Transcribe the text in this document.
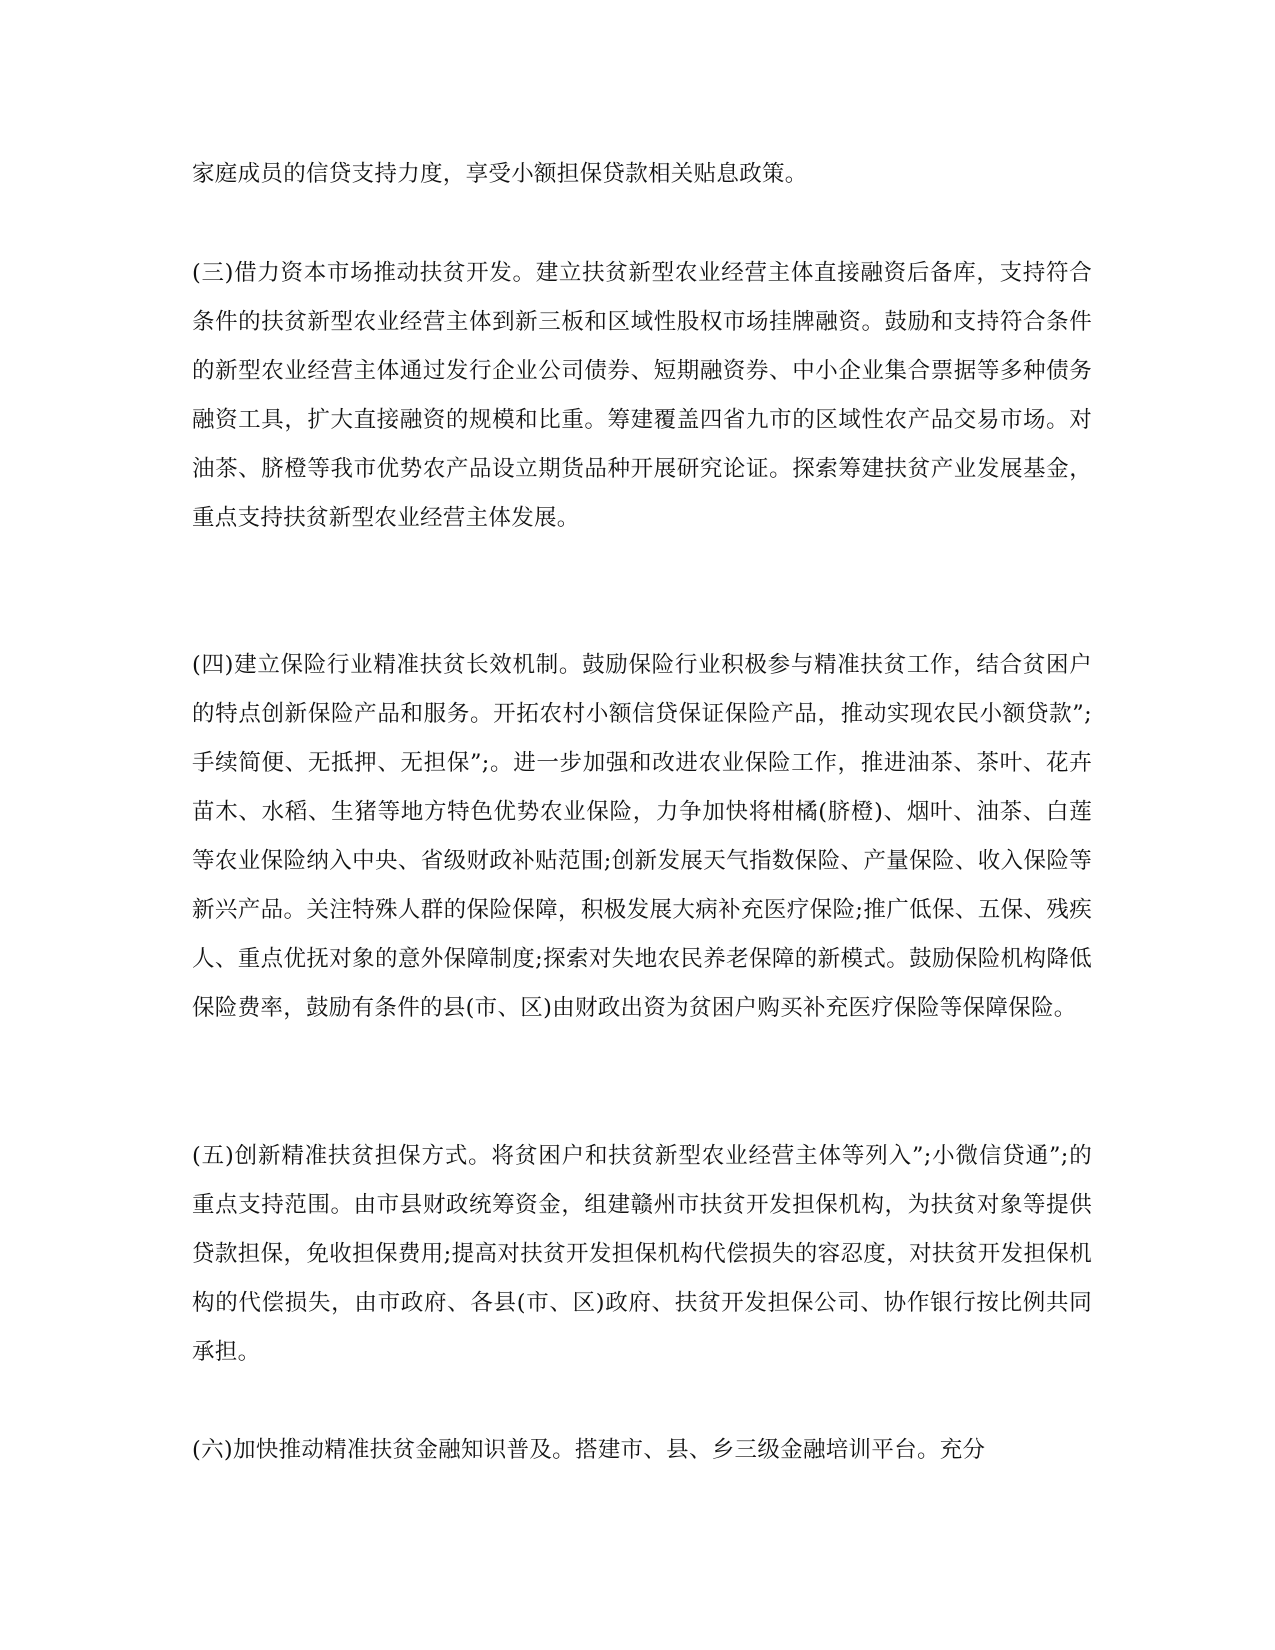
家庭成员的信贷支持力度，享受小额担保贷款相关贴息政策。

(三)借力资本市场推动扶贫开发。建立扶贫新型农业经营主体直接融资后备库，支持符合条件的扶贫新型农业经营主体到新三板和区域性股权市场挂牌融资。鼓励和支持符合条件的新型农业经营主体通过发行企业公司债券、短期融资券、中小企业集合票据等多种债务融资工具，扩大直接融资的规模和比重。筹建覆盖四省九市的区域性农产品交易市场。对油茶、脐橙等我市优势农产品设立期货品种开展研究论证。探索筹建扶贫产业发展基金，重点支持扶贫新型农业经营主体发展。

(四)建立保险行业精准扶贫长效机制。鼓励保险行业积极参与精准扶贫工作，结合贫困户的特点创新保险产品和服务。开拓农村小额信贷保证保险产品，推动实现农民小额贷款”;手续简便、无抵押、无担保”;。进一步加强和改进农业保险工作，推进油茶、茶叶、花卉苗木、水稻、生猪等地方特色优势农业保险，力争加快将柑橘(脐橙)、烟叶、油茶、白莲等农业保险纳入中央、省级财政补贴范围;创新发展天气指数保险、产量保险、收入保险等新兴产品。关注特殊人群的保险保障，积极发展大病补充医疗保险;推广低保、五保、残疾人、重点优抚对象的意外保障制度;探索对失地农民养老保障的新模式。鼓励保险机构降低保险费率，鼓励有条件的县(市、区)由财政出资为贫困户购买补充医疗保险等保障保险。

(五)创新精准扶贫担保方式。将贫困户和扶贫新型农业经营主体等列入”;小微信贷通”;的重点支持范围。由市县财政统筹资金，组建赣州市扶贫开发担保机构，为扶贫对象等提供贷款担保，免收担保费用;提高对扶贫开发担保机构代偿损失的容忍度，对扶贫开发担保机构的代偿损失，由市政府、各县(市、区)政府、扶贫开发担保公司、协作银行按比例共同承担。

(六)加快推动精准扶贫金融知识普及。搭建市、县、乡三级金融培训平台。充分
